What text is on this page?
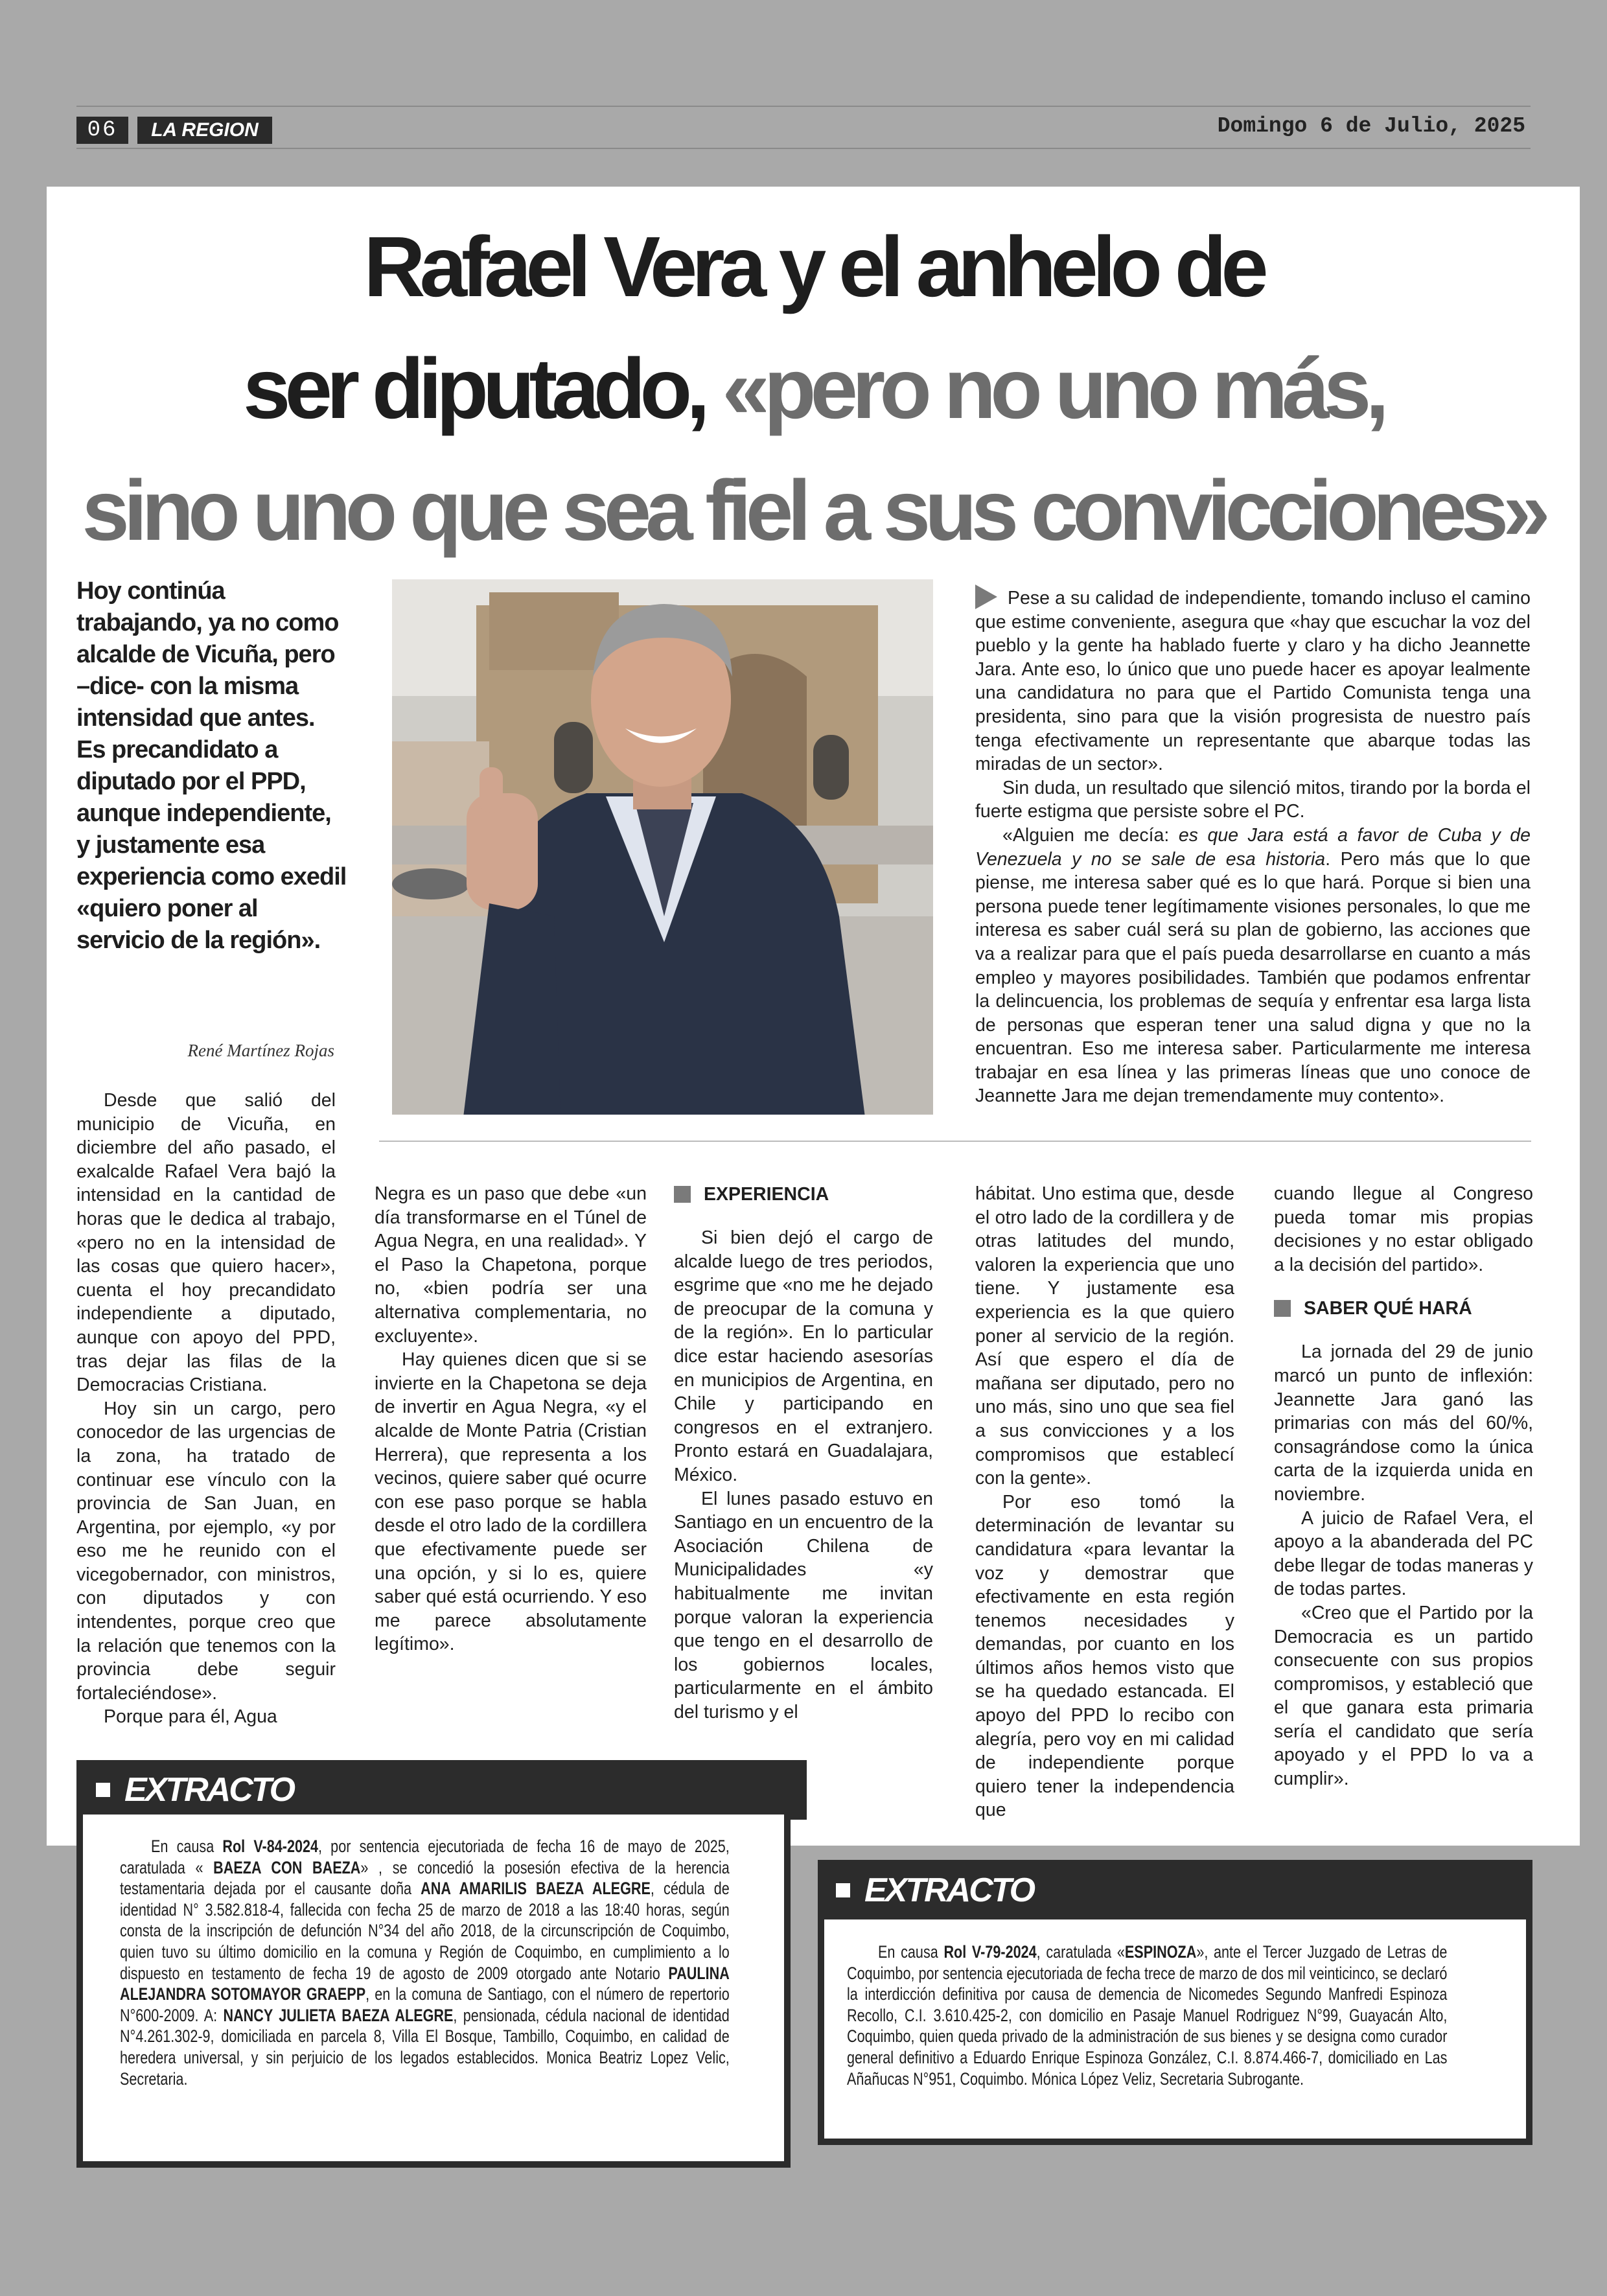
06	LA REGION	Domingo 6 de Julio, 2025
Rafael Vera y el anhelo de
ser diputado, «pero no uno más,
sino uno que sea fiel a sus convicciones»
Hoy continúa trabajando, ya no como alcalde de Vicuña, pero –dice- con la misma intensidad que antes. Es precandidato a diputado por el PPD, aunque independiente, y justamente esa experiencia como exedil «quiero poner al servicio de la región».
René Martínez Rojas

Pese a su calidad de independiente, tomando incluso el camino que estime conveniente, asegura que «hay que escuchar la voz del pueblo y la gente ha hablado fuerte y claro y ha dicho Jeannette Jara. Ante eso, lo único que uno puede hacer es apoyar lealmente una candidatura no para que el Partido Comunista tenga una presidenta, sino para que la visión progresista de nuestro país tenga efectivamente un representante que abarque todas las miradas de un sector».

Sin duda, un resultado que silenció mitos, tirando por la borda el fuerte estigma que persiste sobre el PC.

«Alguien me decía: es que Jara está a favor de Cuba y de Venezuela y no se sale de esa historia. Pero más que lo que piense, me interesa saber qué es lo que hará. Porque si bien una persona puede tener legítimamente visiones personales, lo que me interesa es saber cuál será su plan de gobierno, las acciones que va a realizar para que el país pueda desarrollarse en cuanto a más empleo y mayores posibilidades. También que podamos enfrentar la delincuencia, los problemas de sequía y enfrentar esa larga lista de personas que esperan tener una salud digna y que no la encuentran. Eso me interesa saber. Particularmente me interesa trabajar en esa línea y las primeras líneas que uno conoce de Jeannette Jara me dejan tremendamente muy contento».

Desde que salió del municipio de Vicuña, en diciembre del año pasado, el exalcalde Rafael Vera bajó la intensidad en la cantidad de horas que le dedica al trabajo, «pero no en la intensidad de las cosas que quiero hacer», cuenta el hoy precandidato independiente a diputado, aunque con apoyo del PPD, tras dejar las filas de la Democracias Cristiana.

Hoy sin un cargo, pero conocedor de las urgencias de la zona, ha tratado de continuar ese vínculo con la provincia de San Juan, en Argentina, por ejemplo, «y por eso me he reunido con el vicegobernador, con ministros, con diputados y con intendentes, porque creo que la relación que tenemos con la provincia debe seguir fortaleciéndose».

Porque para él, Agua

Negra es un paso que debe «un día transformarse en el Túnel de Agua Negra, en una realidad». Y el Paso la Chapetona, porque no, «bien podría ser una alternativa complementaria, no excluyente».

Hay quienes dicen que si se invierte en la Chapetona se deja de invertir en Agua Negra, «y el alcalde de Monte Patria (Cristian Herrera), que representa a los vecinos, quiere saber qué ocurre con ese paso porque se habla desde el otro lado de la cordillera que efectivamente puede ser una opción, y si lo es, quiere saber qué está ocurriendo. Y eso me parece absolutamente legítimo».

EXPERIENCIA

Si bien dejó el cargo de alcalde luego de tres periodos, esgrime que «no me he dejado de preocupar de la comuna y de la región». En lo particular dice estar haciendo asesorías en municipios de Argentina, en Chile y participando en congresos en el extranjero. Pronto estará en Guadalajara, México.

El lunes pasado estuvo en Santiago en un encuentro de la Asociación Chilena de Municipalidades «y habitualmente me invitan porque valoran la experiencia que tengo en el desarrollo de los gobiernos locales, particularmente en el ámbito del turismo y el

hábitat. Uno estima que, desde el otro lado de la cordillera y de otras latitudes del mundo, valoren la experiencia que uno tiene. Y justamente esa experiencia es la que quiero poner al servicio de la región. Así que espero el día de mañana ser diputado, pero no uno más, sino uno que sea fiel a sus convicciones y a los compromisos que establecí con la gente».

Por eso tomó la determinación de levantar su candidatura «para levantar la voz y demostrar que efectivamente en esta región tenemos necesidades y demandas, por cuanto en los últimos años hemos visto que se ha quedado estancada. El apoyo del PPD lo recibo con alegría, pero voy en mi calidad de independiente porque quiero tener la independencia que

cuando llegue al Congreso pueda tomar mis propias decisiones y no estar obligado a la decisión del partido».

SABER QUÉ HARÁ

La jornada del 29 de junio marcó un punto de inflexión: Jeannette Jara ganó las primarias con más del 60/%, consagrándose como la única carta de la izquierda unida en noviembre.

A juicio de Rafael Vera, el apoyo a la abanderada del PC debe llegar de todas maneras y de todas partes.

«Creo que el Partido por la Democracia es un partido consecuente con sus propios compromisos, y estableció que el que ganara esta primaria sería el candidato que sería apoyado y el PPD lo va a cumplir».

EXTRACTO

En causa Rol V-84-2024, por sentencia ejecutoriada de fecha 16 de mayo de 2025, caratulada « BAEZA CON BAEZA» , se concedió la posesión efectiva de la herencia testamentaria dejada por el causante doña ANA AMARILIS BAEZA ALEGRE, cédula de identidad N° 3.582.818-4, fallecida con fecha 25 de marzo de 2018 a las 18:40 horas, según consta de la inscripción de defunción N°34 del año 2018, de la circunscripción de Coquimbo, quien tuvo su último domicilio en la comuna y Región de Coquimbo, en cumplimiento a lo dispuesto en testamento de fecha 19 de agosto de 2009 otorgado ante Notario PAULINA ALEJANDRA SOTOMAYOR GRAEPP, en la comuna de Santiago, con el número de repertorio N°600-2009. A: NANCY JULIETA BAEZA ALEGRE, pensionada, cédula nacional de identidad N°4.261.302-9, domiciliada en parcela 8, Villa El Bosque, Tambillo, Coquimbo, en calidad de heredera universal, y sin perjuicio de los legados establecidos. Monica Beatriz Lopez Velic, Secretaria.

EXTRACTO

En causa Rol V-79-2024, caratulada «ESPINOZA», ante el Tercer Juzgado de Letras de Coquimbo, por sentencia ejecutoriada de fecha trece de marzo de dos mil veinticinco, se declaró la interdicción definitiva por causa de demencia de Nicomedes Segundo Manfredi Espinoza Recollo, C.I. 3.610.425-2, con domicilio en Pasaje Manuel Rodriguez N°99, Guayacán Alto, Coquimbo, quien queda privado de la administración de sus bienes y se designa como curador general definitivo a Eduardo Enrique Espinoza González, C.I. 8.874.466-7, domiciliado en Las Añañucas N°951, Coquimbo. Mónica López Veliz, Secretaria Subrogante.
